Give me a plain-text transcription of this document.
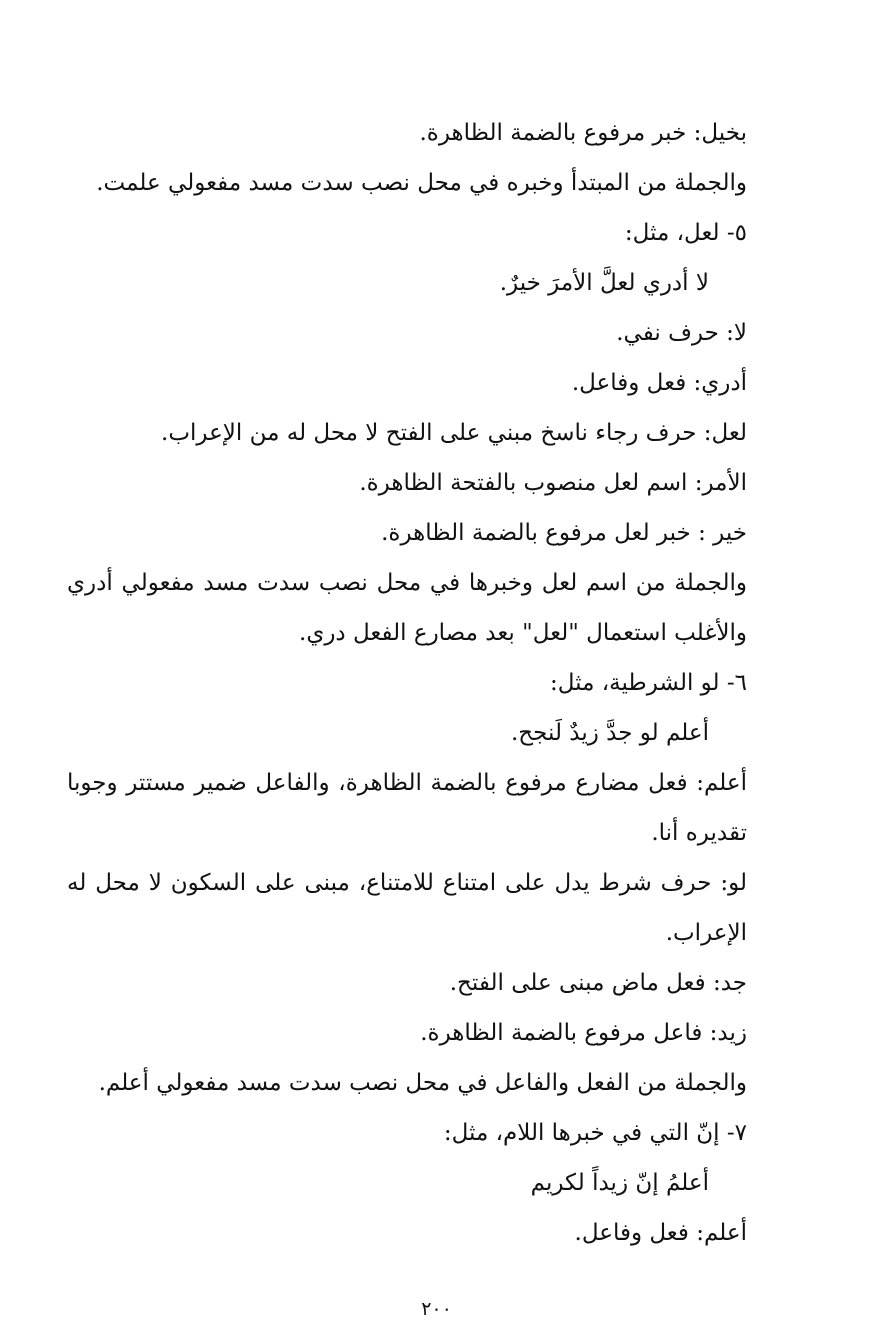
بخيل: خبر مرفوع بالضمة الظاهرة.
والجملة من المبتدأ وخبره في محل نصب سدت مسد مفعولي علمت.
٥- لعل، مثل:
لا أدري لعلَّ الأمرَ خيرٌ.
لا: حرف نفي.
أدري: فعل وفاعل.
لعل: حرف رجاء ناسخ مبني على الفتح لا محل له من الإعراب.
الأمر: اسم لعل منصوب بالفتحة الظاهرة.
خير : خبر لعل مرفوع بالضمة الظاهرة.
والجملة من اسم لعل وخبرها في محل نصب سدت مسد مفعولي أدري
والأغلب استعمال "لعل" بعد مصارع الفعل دري.
٦- لو الشرطية، مثل:
أعلم لو جدَّ زيدٌ لَنجح.
أعلم: فعل مضارع مرفوع بالضمة الظاهرة، والفاعل ضمير مستتر وجوبا
تقديره أنا.
لو: حرف شرط يدل على امتناع للامتناع، مبنى على السكون لا محل له
الإعراب.
جد: فعل ماض مبنى على الفتح.
زيد: فاعل مرفوع بالضمة الظاهرة.
والجملة من الفعل والفاعل في محل نصب سدت مسد مفعولي أعلم.
٧- إنّ التي في خبرها اللام، مثل:
أعلمُ إنّ زيداً لكريم
أعلم: فعل وفاعل.
٢٠٠
